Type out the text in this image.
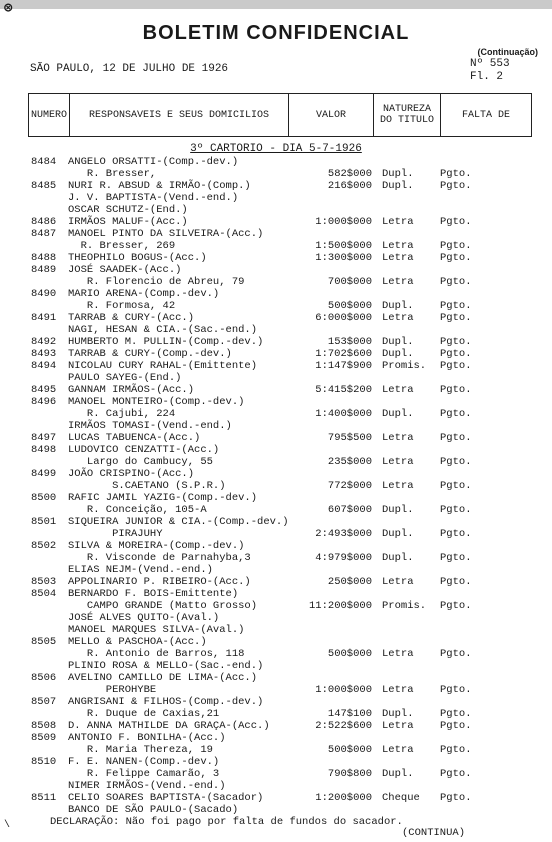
⊗
BOLETIM CONFIDENCIAL
(Continuação)
SÃO PAULO, 12 DE JULHO DE 1926	Nº 553
Fl. 2
NUMERO	RESPONSAVEIS E SEUS DOMICILIOS	VALOR	NATUREZA DO TITULO	FALTA DE
3º CARTORIO - DIA 5-7-1926
8484 ANGELO ORSATTI-(Comp.-dev.)
R. Bresser,	582$000 Dupl.	Pgto.
8485 NURI R. ABSUD & IRMÃO-(Comp.)	216$000 Dupl.	Pgto.
J. V. BAPTISTA-(Vend.-end.)
OSCAR SCHUTZ-(End.)
8486 IRMÃOS MALUF-(Acc.)	1:000$000 Letra	Pgto.
8487 MANOEL PINTO DA SILVEIRA-(Acc.)
R. Bresser, 269	1:500$000 Letra	Pgto.
8488 THEOPHILO BOGUS-(Acc.)	1:300$000 Letra	Pgto.
8489 JOSÉ SAADEK-(Acc.)
R. Florencio de Abreu, 79	700$000 Letra	Pgto.
8490 MARIO ARENA-(Comp.-dev.)
R. Formosa, 42	500$000 Dupl.	Pgto.
8491 TARRAB & CURY-(Acc.)	6:000$000 Letra	Pgto.
NAGI, HESAN & CIA.-(Sac.-end.)
8492 HUMBERTO M. PULLIN-(Comp.-dev.)	153$000 Dupl.	Pgto.
8493 TARRAB & CURY-(Comp.-dev.)	1:702$600 Dupl.	Pgto.
8494 NICOLAU CURY RAHAL-(Emittente)	1:147$900 Promis. Pgto.
PAULO SAYEG-(End.)
8495 GANNAM IRMÃOS-(Acc.)	5:415$200 Letra	Pgto.
8496 MANOEL MONTEIRO-(Comp.-dev.)
R. Cajubi, 224	1:400$000 Dupl.	Pgto.
IRMÃOS TOMASI-(Vend.-end.)
8497 LUCAS TABUENCA-(Acc.)	795$500 Letra	Pgto.
8498 LUDOVICO CENZATTI-(Acc.)
Largo do Cambucy, 55	235$000 Letra	Pgto.
8499 JOÃO CRISPINO-(Acc.)
S.CAETANO (S.P.R.)	772$000 Letra	Pgto.
8500 RAFIC JAMIL YAZIG-(Comp.-dev.)
R. Conceição, 105-A	607$000 Dupl.	Pgto.
8501 SIQUEIRA JUNIOR & CIA.-(Comp.-dev.)
PIRAJUHY	2:493$000 Dupl.	Pgto.
8502 SILVA & MOREIRA-(Comp.-dev.)
R. Visconde de Parnahyba,3	4:979$000 Dupl.	Pgto.
ELIAS NEJM-(Vend.-end.)
8503 APPOLINARIO P. RIBEIRO-(Acc.)	250$000 Letra	Pgto.
8504 BERNARDO F. BOIS-Emittente)
CAMPO GRANDE (Matto Grosso)	11:200$000 Promis. Pgto.
JOSÉ ALVES QUITO-(Aval.)
MANOEL MARQUES SILVA-(Aval.)
8505 MELLO & PASCHOA-(Acc.)
R. Antonio de Barros, 118	500$000 Letra	Pgto.
PLINIO ROSA & MELLO-(Sac.-end.)
8506 AVELINO CAMILLO DE LIMA-(Acc.)
PEROHYBE	1:000$000 Letra	Pgto.
8507 ANGRISANI & FILHOS-(Comp.-dev.)
R. Duque de Caxias,21	147$100 Dupl.	Pgto.
8508 D. ANNA MATHILDE DA GRAÇA-(Acc.)	2:522$600 Letra	Pgto.
8509 ANTONIO F. BONILHA-(Acc.)
R. Maria Thereza, 19	500$000 Letra	Pgto.
8510 F. E. NANEN-(Comp.-dev.)
R. Felippe Camarão, 3	790$800 Dupl.	Pgto.
NIMER IRMÃOS-(Vend.-end.)
8511 CELIO SOARES BAPTISTA-(Sacador)	1:200$000 Cheque Pgto.
BANCO DE SÃO PAULO-(Sacado)
\	DECLARAÇÃO: Não foi pago por falta de fundos do sacador.
(CONTINUA)
